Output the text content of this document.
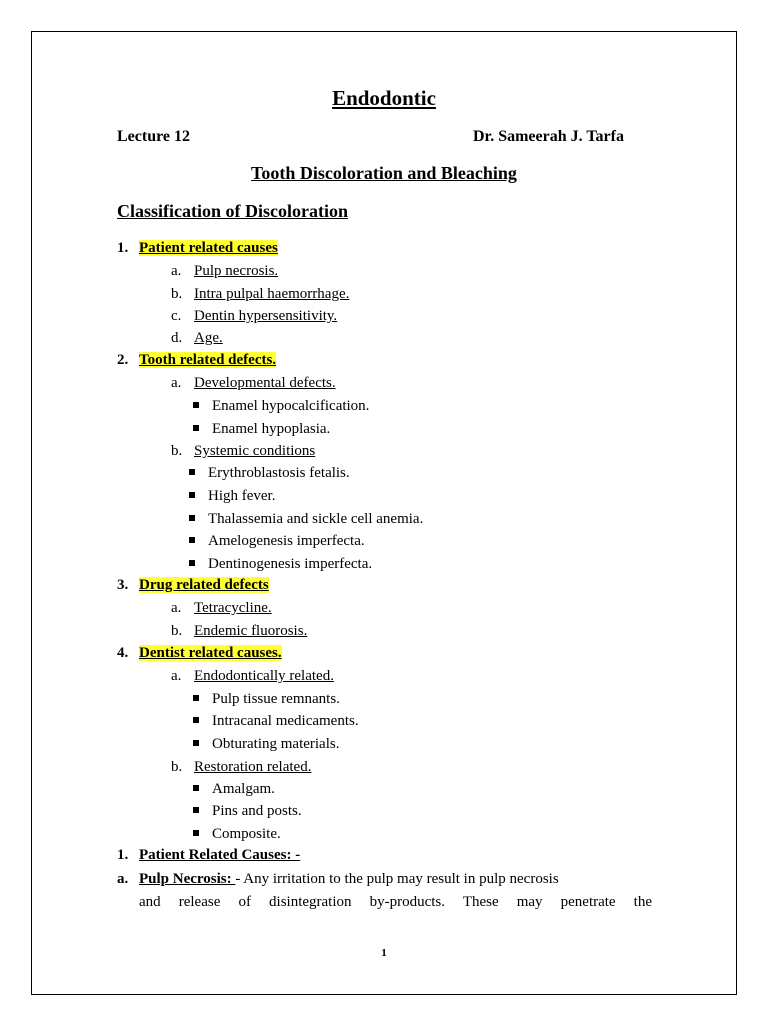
Endodontic
Lecture 12	Dr. Sameerah J. Tarfa
Tooth Discoloration and Bleaching
Classification of Discoloration
1. Patient related causes
a. Pulp necrosis.
b. Intra pulpal haemorrhage.
c. Dentin hypersensitivity.
d. Age.
2. Tooth related defects.
a. Developmental defects.
Enamel hypocalcification.
Enamel hypoplasia.
b. Systemic conditions
Erythroblastosis fetalis.
High fever.
Thalassemia and sickle cell anemia.
Amelogenesis imperfecta.
Dentinogenesis imperfecta.
3. Drug related defects
a. Tetracycline.
b. Endemic fluorosis.
4. Dentist related causes.
a. Endodontically related.
Pulp tissue remnants.
Intracanal medicaments.
Obturating materials.
b. Restoration related.
Amalgam.
Pins and posts.
Composite.
1. Patient Related Causes: -
a. Pulp Necrosis: - Any irritation to the pulp may result in pulp necrosis
and release of disintegration by-products. These may penetrate the
1
